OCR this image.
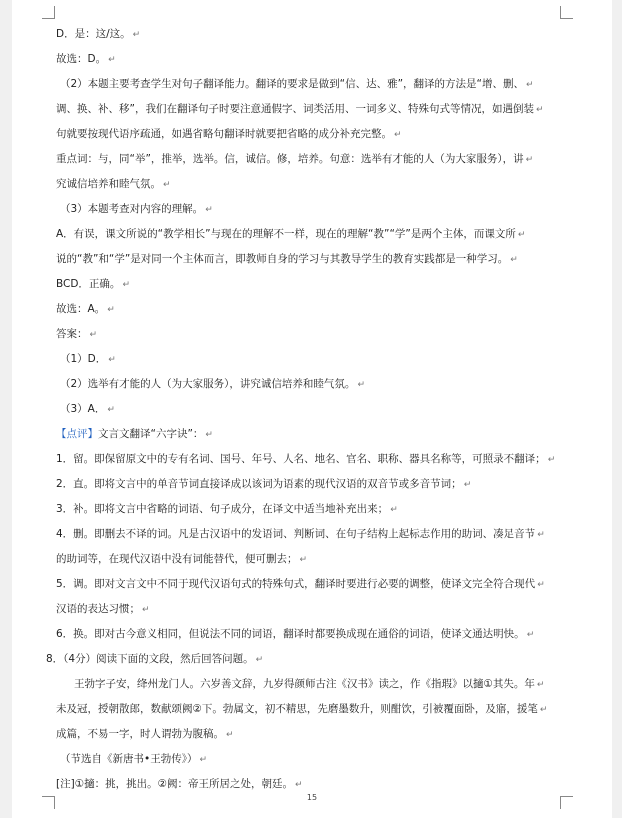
D．是：这/这。 ↵
故选：D。 ↵
（2）本题主要考查学生对句子翻译能力。翻译的要求是做到“信、达、雅”，翻译的方法是“增、删、 ↵
调、换、补、移”，我们在翻译句子时要注意通假字、词类活用、一词多义、特殊句式等情况，如遇倒装 ↵
句就要按现代语序疏通，如遇省略句翻译时就要把省略的成分补充完整。 ↵
重点词：与，同“举”，推举，选举。信，诚信。修，培养。句意：选举有才能的人（为大家服务），讲 ↵
究诚信培养和睦气氛。 ↵
（3）本题考查对内容的理解。 ↵
A．有误，课文所说的“教学相长”与现在的理解不一样，现在的理解“教”“学”是两个主体，而课文所 ↵
说的“教”和“学”是对同一个主体而言，即教师自身的学习与其教导学生的教育实践都是一种学习。 ↵
BCD．正确。 ↵
故选：A。 ↵
答案： ↵
（1）D． ↵
（2）选举有才能的人（为大家服务），讲究诚信培养和睦气氛。 ↵
（3）A． ↵
【点评】文言文翻译“六字诀”： ↵
1．留。即保留原文中的专有名词、国号、年号、人名、地名、官名、职称、器具名称等，可照录不翻译； ↵
2．直。即将文言中的单音节词直接译成以该词为语素的现代汉语的双音节或多音节词； ↵
3．补。即将文言中省略的词语、句子成分，在译文中适当地补充出来； ↵
4．删。即删去不译的词。凡是古汉语中的发语词、判断词、在句子结构上起标志作用的助词、凑足音节 ↵
的助词等，在现代汉语中没有词能替代，便可删去； ↵
5．调。即对文言文中不同于现代汉语句式的特殊句式，翻译时要进行必要的调整，使译文完全符合现代 ↵
汉语的表达习惯； ↵
6．换。即对古今意义相同，但说法不同的词语，翻译时都要换成现在通俗的词语，使译文通达明快。 ↵
8．（4分）阅读下面的文段，然后回答问题。 ↵
王勃字子安，绛州龙门人。六岁善文辞，九岁得颜师古注《汉书》读之，作《指瑕》以擿①其失。年 ↵
未及冠，授朝散郎，数献颂阙②下。勃属文，初不精思，先磨墨数升，则酣饮，引被覆面卧，及寤，援笔 ↵
成篇，不易一字，时人谓勃为腹稿。 ↵
（节选自《新唐书•王勃传》） ↵
[注]①擿：挑，挑出。②阙：帝王所居之处，朝廷。 ↵
15
